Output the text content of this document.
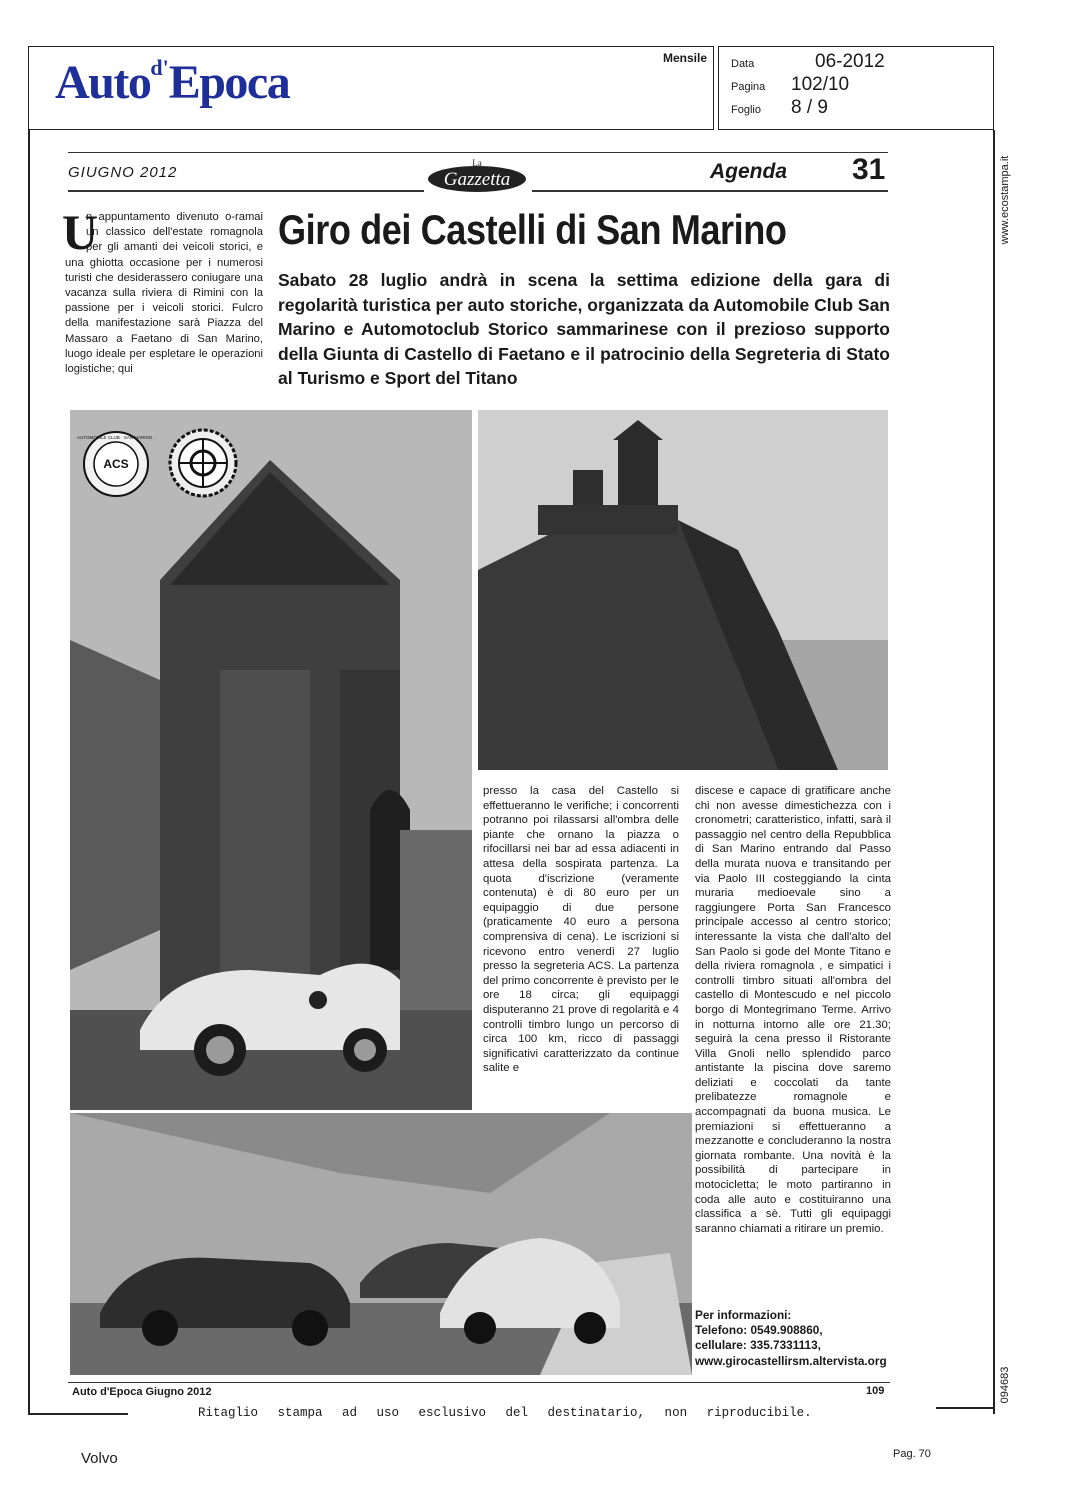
Auto$^{d'}$Epoca	Mensile Data	06-2012
Pagina	102/10
Foglio	8 / 9
www.ecostampa.it
094683
GIUGNO 2012
La
Gazzetta	Agenda 31
U
n appuntamento divenuto o-ramai un classico dell'estate romagnola per gli amanti dei veicoli storici, e una ghiotta occasione per i numerosi turisti che desiderassero coniugare una vacanza sulla riviera di Rimini con la passione per i veicoli storici. Fulcro della manifestazione sarà Piazza del Massaro a Faetano di San Marino, luogo ideale per espletare le operazioni logistiche; qui
Giro dei Castelli di San Marino
Sabato 28 luglio andrà in scena la settima edizione della gara di regolarità turistica per auto storiche, organizzata da Automobile Club San Marino e Automotoclub Storico sammarinese con il prezioso supporto della Giunta di Castello di Faetano e il patrocinio della Segreteria di Stato al Turismo e Sport del Titano
ACS
AUTOMOBILE CLUB · SAN MARINO ·
presso la casa del Castello si effettueranno le verifiche; i concorrenti potranno poi rilassarsi all'ombra delle piante che ornano la piazza o rifocillarsi nei bar ad essa adiacenti in attesa della sospirata partenza. La quota d'iscrizione (veramente contenuta) è di 80 euro per un equipaggio di due persone (praticamente 40 euro a persona comprensiva di cena). Le iscrizioni si ricevono entro venerdì 27 luglio presso la segreteria ACS. La partenza del primo concorrente è previsto per le ore 18 circa; gli equipaggi disputeranno 21 prove di regolarità e 4 controlli timbro lungo un percorso di circa 100 km, ricco di passaggi significativi caratterizzato da continue salite e
discese e capace di gratificare anche chi non avesse dimestichezza con i cronometri; caratteristico, infatti, sarà il passaggio nel centro della Repubblica di San Marino entrando dal Passo della murata nuova e transitando per via Paolo III costeggiando la cinta muraria medioevale sino a raggiungere Porta San Francesco principale accesso al centro storico; interessante la vista che dall'alto del San Paolo si gode del Monte Titano e della riviera romagnola , e simpatici i controlli timbro situati all'ombra del castello di Montescudo e nel piccolo borgo di Montegrimano Terme. Arrivo in notturna intorno alle ore 21.30; seguirà la cena presso il Ristorante Villa Gnoli nello splendido parco antistante la piscina dove saremo deliziati e coccolati da tante prelibatezze romagnole e accompagnati da buona musica. Le premiazioni si effettueranno a mezzanotte e concluderanno la nostra giornata rombante. Una novità è la possibilità di partecipare in motocicletta; le moto partiranno in coda alle auto e costituiranno una classifica a sè. Tutti gli equipaggi saranno chiamati a ritirare un premio.
Per informazioni:
Telefono: 0549.908860,
cellulare: 335.7331113,
www.girocastellirsm.altervista.org
Auto d'Epoca Giugno 2012	109
Ritaglio stampa ad uso esclusivo del destinatario, non riproducibile.
Volvo	Pag. 70
